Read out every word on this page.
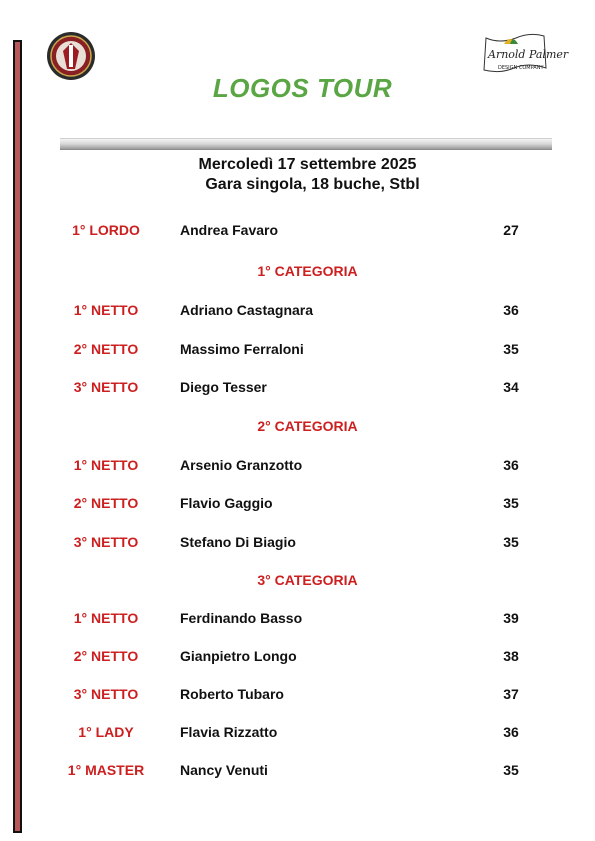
Arnold Palmer
DESIGN COMPANY
LOGOS TOUR
Mercoledì 17 settembre 2025
Gara singola, 18 buche, Stbl
1° LORDO	Andrea Favaro	27
1° CATEGORIA
1° NETTO	Adriano Castagnara	36
2° NETTO	Massimo Ferraloni	35
3° NETTO	Diego Tesser	34
2° CATEGORIA
1° NETTO	Arsenio Granzotto	36
2° NETTO	Flavio Gaggio	35
3° NETTO	Stefano Di Biagio	35
3° CATEGORIA
1° NETTO	Ferdinando Basso	39
2° NETTO	Gianpietro Longo	38
3° NETTO	Roberto Tubaro	37
1° LADY	Flavia Rizzatto	36
1° MASTER	Nancy Venuti	35
